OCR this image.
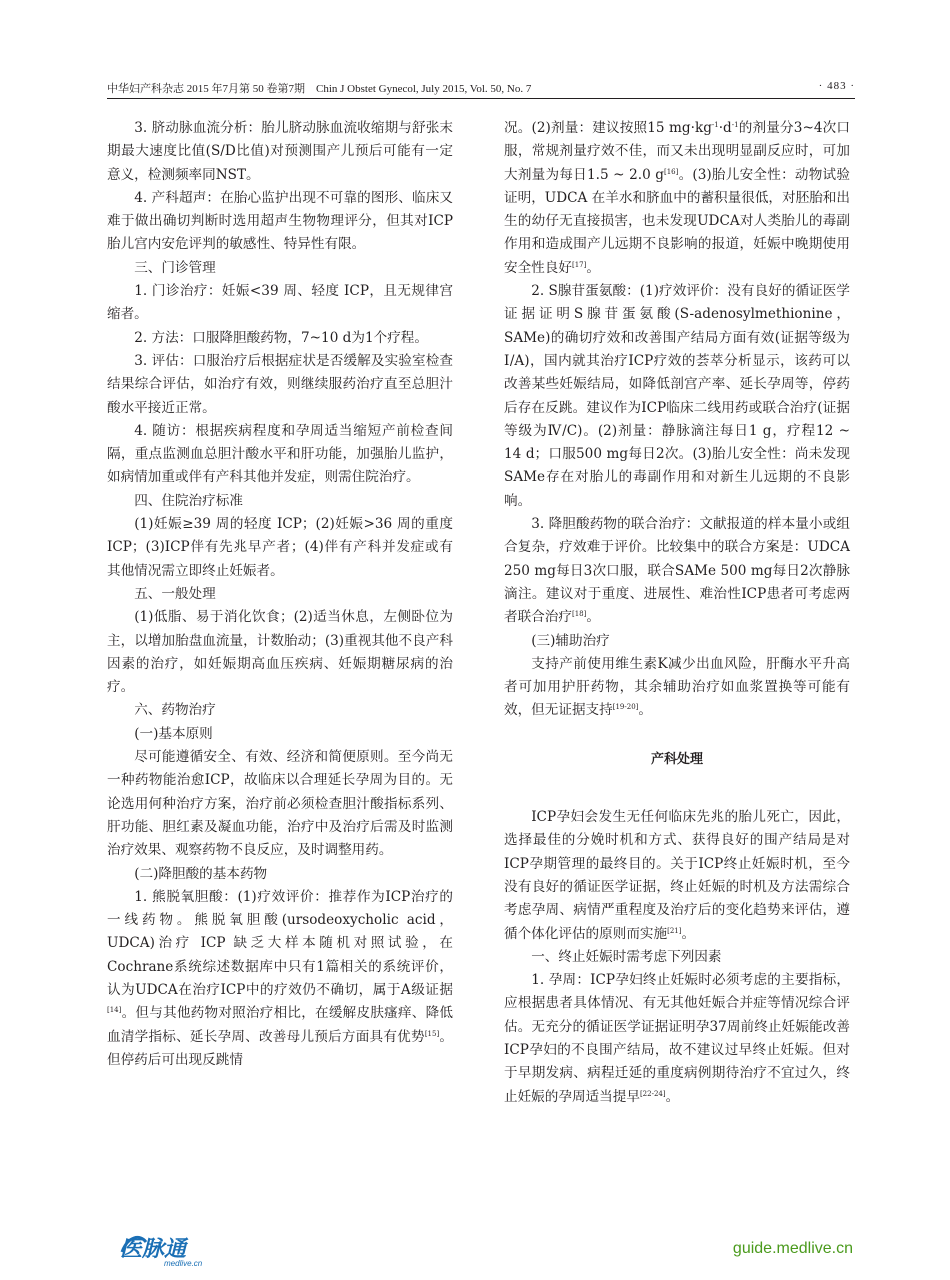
中华妇产科杂志 2015 年7月第 50 卷第7期　Chin J Obstet Gynecol, July 2015, Vol. 50, No. 7	· 483 ·

3. 脐动脉血流分析：胎儿脐动脉血流收缩期与舒张末期最大速度比值(S/D比值)对预测围产儿预后可能有一定意义，检测频率同NST。

4. 产科超声：在胎心监护出现不可靠的图形、临床又难于做出确切判断时选用超声生物物理评分，但其对ICP胎儿宫内安危评判的敏感性、特异性有限。

三、门诊管理

1. 门诊治疗：妊娠<39 周、轻度 ICP，且无规律宫缩者。

2. 方法：口服降胆酸药物，7~10 d为1个疗程。

3. 评估：口服治疗后根据症状是否缓解及实验室检查结果综合评估，如治疗有效，则继续服药治疗直至总胆汁酸水平接近正常。

4. 随访：根据疾病程度和孕周适当缩短产前检查间隔，重点监测血总胆汁酸水平和肝功能，加强胎儿监护，如病情加重或伴有产科其他并发症，则需住院治疗。

四、住院治疗标准

(1)妊娠≥39 周的轻度 ICP；(2)妊娠>36 周的重度ICP；(3)ICP伴有先兆早产者；(4)伴有产科并发症或有其他情况需立即终止妊娠者。

五、一般处理

(1)低脂、易于消化饮食；(2)适当休息，左侧卧位为主，以增加胎盘血流量，计数胎动；(3)重视其他不良产科因素的治疗，如妊娠期高血压疾病、妊娠期糖尿病的治疗。

六、药物治疗

(一)基本原则

尽可能遵循安全、有效、经济和简便原则。至今尚无一种药物能治愈ICP，故临床以合理延长孕周为目的。无论选用何种治疗方案，治疗前必须检查胆汁酸指标系列、肝功能、胆红素及凝血功能，治疗中及治疗后需及时监测治疗效果、观察药物不良反应，及时调整用药。

(二)降胆酸的基本药物

1. 熊脱氧胆酸：(1)疗效评价：推荐作为ICP治疗的一线药物。熊脱氧胆酸(ursodeoxycholic acid，UDCA)治疗 ICP 缺乏大样本随机对照试验，在Cochrane系统综述数据库中只有1篇相关的系统评价，认为UDCA在治疗ICP中的疗效仍不确切，属于A级证据[14]。但与其他药物对照治疗相比，在缓解皮肤瘙痒、降低血清学指标、延长孕周、改善母儿预后方面具有优势[15]。但停药后可出现反跳情

况。(2)剂量：建议按照15 $mg\cdot kg^{-1}\cdot d^{-1}$的剂量分3~4次口服，常规剂量疗效不佳，而又未出现明显副反应时，可加大剂量为每日1.5 ~ 2.0 g[16]。(3)胎儿安全性：动物试验证明，UDCA 在羊水和脐血中的蓄积量很低，对胚胎和出生的幼仔无直接损害，也未发现UDCA对人类胎儿的毒副作用和造成围产儿远期不良影响的报道，妊娠中晚期使用安全性良好[17]。

2. S腺苷蛋氨酸：(1)疗效评价：没有良好的循证医学证据证明S腺苷蛋氨酸(S-adenosylmethionine，SAMe)的确切疗效和改善围产结局方面有效(证据等级为Ⅰ/A)，国内就其治疗ICP疗效的荟萃分析显示，该药可以改善某些妊娠结局，如降低剖宫产率、延长孕周等，停药后存在反跳。建议作为ICP临床二线用药或联合治疗(证据等级为Ⅳ/C)。(2)剂量：静脉滴注每日1 g，疗程12 ~ 14 d；口服500 mg每日2次。(3)胎儿安全性：尚未发现SAMe存在对胎儿的毒副作用和对新生儿远期的不良影响。

3. 降胆酸药物的联合治疗：文献报道的样本量小或组合复杂，疗效难于评价。比较集中的联合方案是：UDCA 250 mg每日3次口服，联合SAMe 500 mg每日2次静脉滴注。建议对于重度、进展性、难治性ICP患者可考虑两者联合治疗[18]。

(三)辅助治疗

支持产前使用维生素K减少出血风险，肝酶水平升高者可加用护肝药物，其余辅助治疗如血浆置换等可能有效，但无证据支持[19-20]。

产科处理

ICP孕妇会发生无任何临床先兆的胎儿死亡，因此，选择最佳的分娩时机和方式、获得良好的围产结局是对ICP孕期管理的最终目的。关于ICP终止妊娠时机，至今没有良好的循证医学证据，终止妊娠的时机及方法需综合考虑孕周、病情严重程度及治疗后的变化趋势来评估，遵循个体化评估的原则而实施[21]。

一、终止妊娠时需考虑下列因素

1. 孕周：ICP孕妇终止妊娠时必须考虑的主要指标，应根据患者具体情况、有无其他妊娠合并症等情况综合评估。无充分的循证医学证据证明孕37周前终止妊娠能改善ICP孕妇的不良围产结局，故不建议过早终止妊娠。但对于早期发病、病程迁延的重度病例期待治疗不宜过久，终止妊娠的孕周适当提早[22-24]。

医脉通
medlive.cn
guide.medlive.cn
